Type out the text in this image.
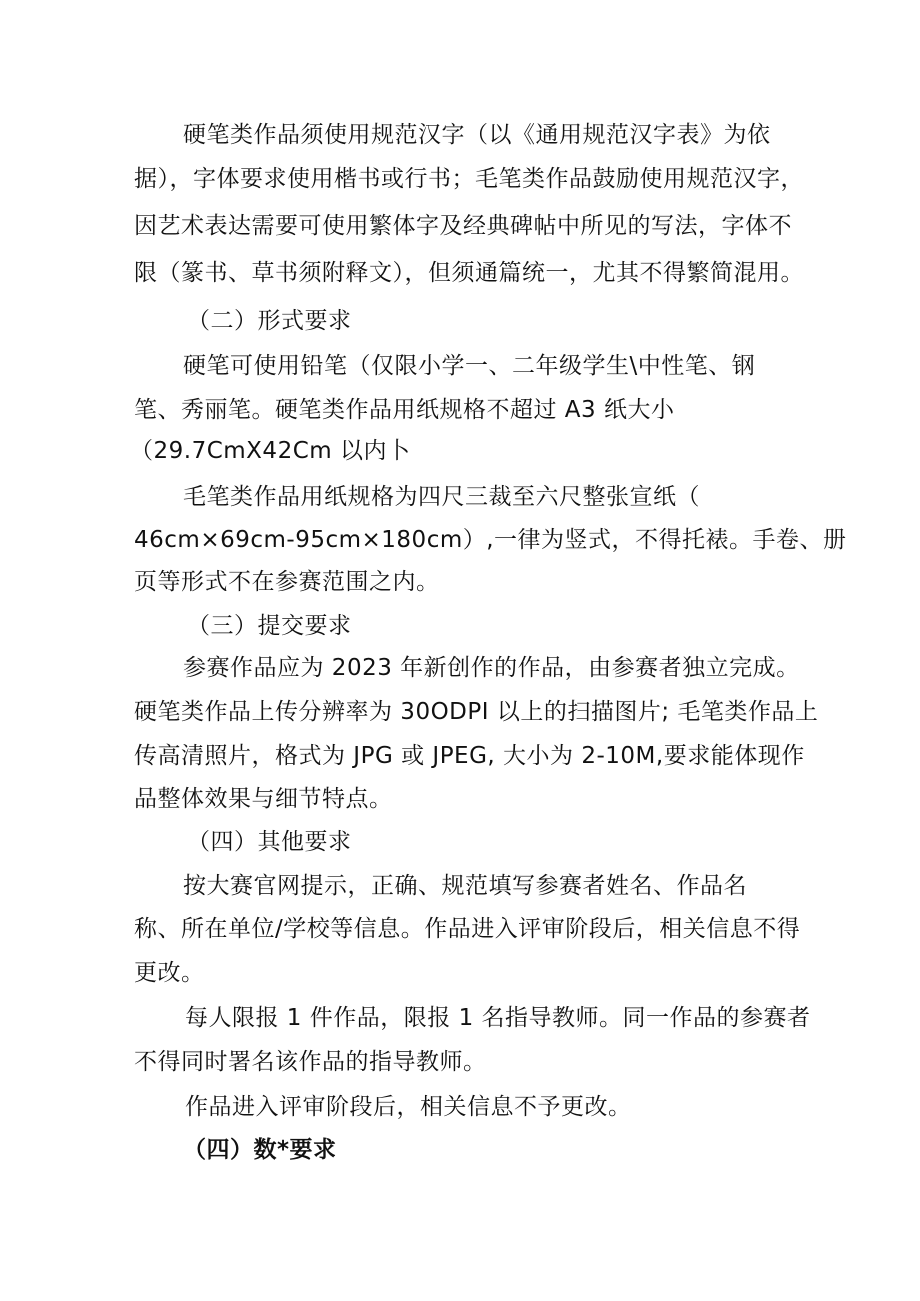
硬笔类作品须使用规范汉字（以《通用规范汉字表》为依
据），字体要求使用楷书或行书；毛笔类作品鼓励使用规范汉字，
因艺术表达需要可使用繁体字及经典碑帖中所见的写法，字体不
限（篆书、草书须附释文），但须通篇统一，尤其不得繁简混用。
（二）形式要求
硬笔可使用铅笔（仅限小学一、二年级学生\中性笔、钢
笔、秀丽笔。硬笔类作品用纸规格不超过 A3 纸大小
（29.7CmX42Cm 以内卜
毛笔类作品用纸规格为四尺三裁至六尺整张宣纸（
46cm×69cm-95cm×180cm）,一律为竖式，不得托裱。手卷、册
页等形式不在参赛范围之内。
（三）提交要求
参赛作品应为 2023 年新创作的作品，由参赛者独立完成。
硬笔类作品上传分辨率为 30ODPI 以上的扫描图片; 毛笔类作品上
传高清照片，格式为 JPG 或 JPEG, 大小为 2-10M,要求能体现作
品整体效果与细节特点。
（四）其他要求
按大赛官网提示，正确、规范填写参赛者姓名、作品名
称、所在单位/学校等信息。作品进入评审阶段后，相关信息不得
更改。
每人限报 1 件作品，限报 1 名指导教师。同一作品的参赛者
不得同时署名该作品的指导教师。
作品进入评审阶段后，相关信息不予更改。
（四）数*要求
